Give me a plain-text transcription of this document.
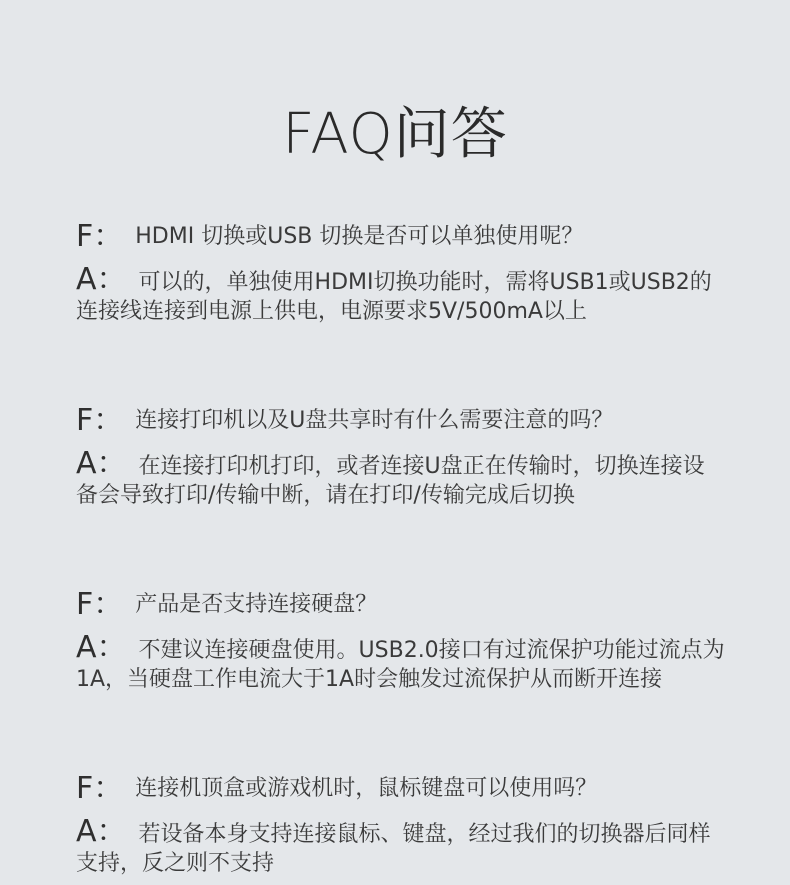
FAQ问答
F： HDMI 切换或USB 切换是否可以单独使用呢？
A： 可以的，单独使用HDMI切换功能时，需将USB1或USB2的连接线连接到电源上供电，电源要求5V/500mA以上
F： 连接打印机以及U盘共享时有什么需要注意的吗？
A： 在连接打印机打印，或者连接U盘正在传输时，切换连接设备会导致打印/传输中断，请在打印/传输完成后切换
F： 产品是否支持连接硬盘？
A： 不建议连接硬盘使用。USB2.0接口有过流保护功能过流点为1A，当硬盘工作电流大于1A时会触发过流保护从而断开连接
F： 连接机顶盒或游戏机时，鼠标键盘可以使用吗？
A： 若设备本身支持连接鼠标、键盘，经过我们的切换器后同样支持，反之则不支持
